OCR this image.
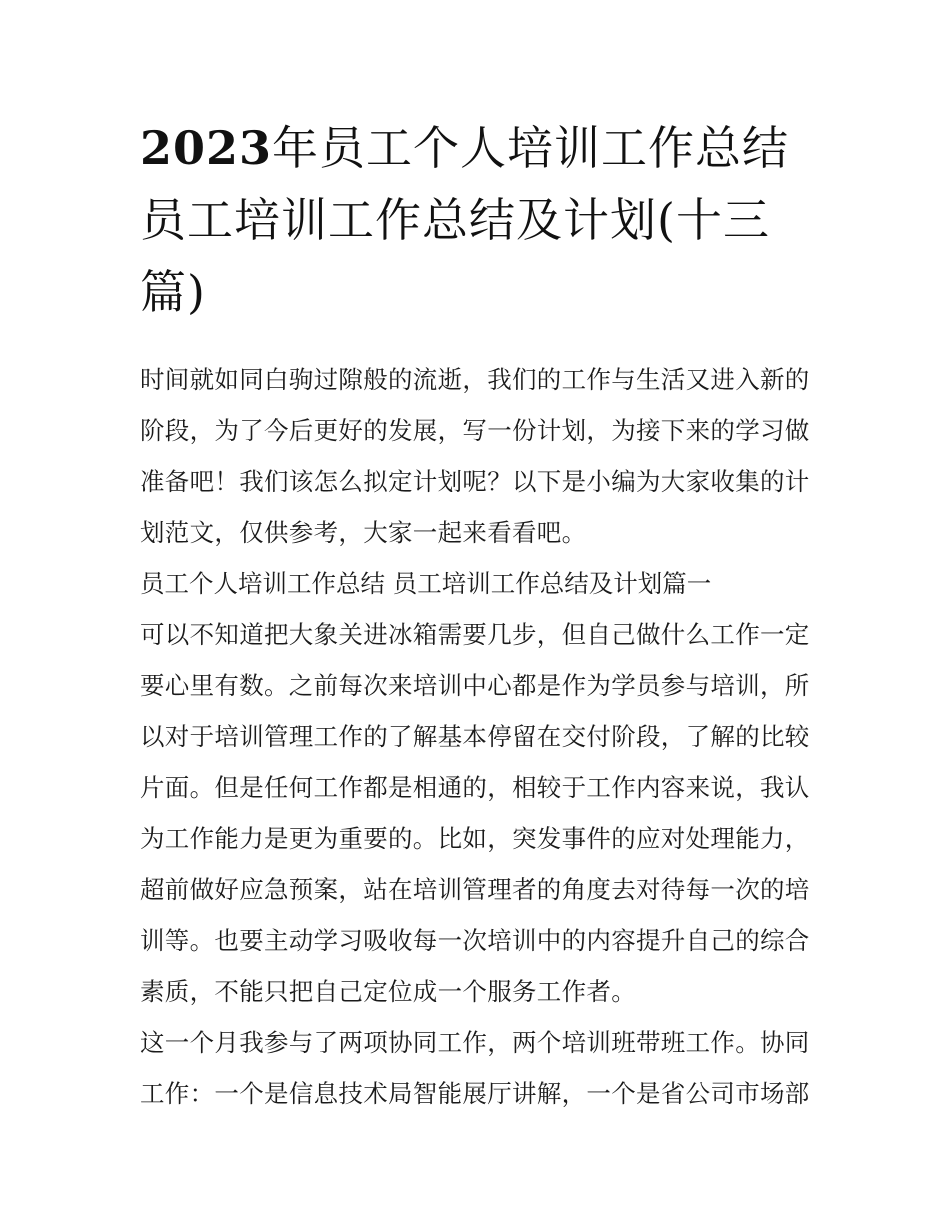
2023年员工个人培训工作总结 员工培训工作总结及计划(十三篇)

时间就如同白驹过隙般的流逝，我们的工作与生活又进入新的阶段，为了今后更好的发展，写一份计划，为接下来的学习做准备吧！我们该怎么拟定计划呢？以下是小编为大家收集的计划范文，仅供参考，大家一起来看看吧。

员工个人培训工作总结 员工培训工作总结及计划篇一

可以不知道把大象关进冰箱需要几步，但自己做什么工作一定要心里有数。之前每次来培训中心都是作为学员参与培训，所以对于培训管理工作的了解基本停留在交付阶段，了解的比较片面。但是任何工作都是相通的，相较于工作内容来说，我认为工作能力是更为重要的。比如，突发事件的应对处理能力，超前做好应急预案，站在培训管理者的角度去对待每一次的培训等。也要主动学习吸收每一次培训中的内容提升自己的综合素质，不能只把自己定位成一个服务工作者。

这一个月我参与了两项协同工作，两个培训班带班工作。协同工作：一个是信息技术局智能展厅讲解，一个是省公司市场部
